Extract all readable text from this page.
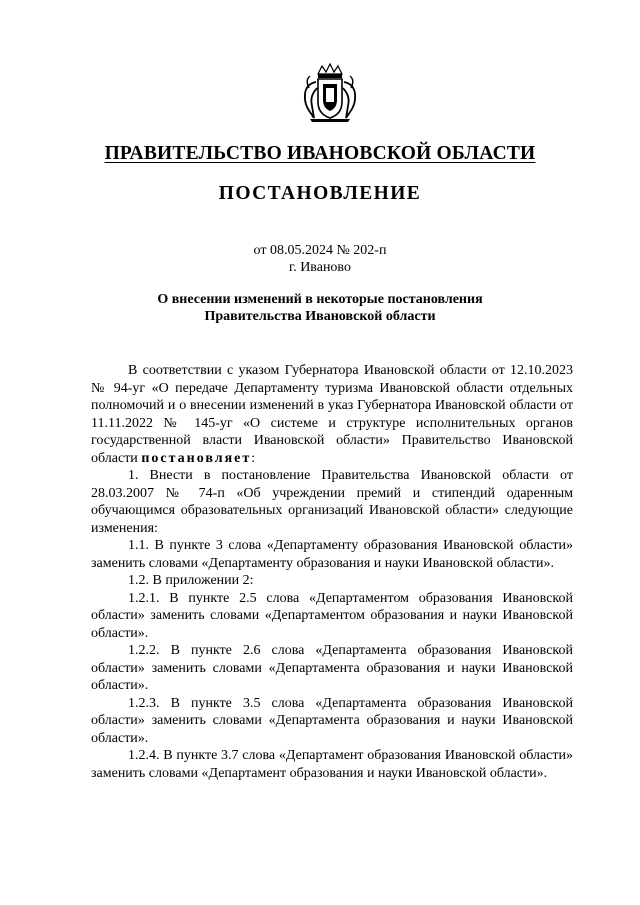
ПРАВИТЕЛЬСТВО ИВАНОВСКОЙ ОБЛАСТИ
ПОСТАНОВЛЕНИЕ
от 08.05.2024 № 202-п
г. Иваново
О внесении изменений в некоторые постановления
Правительства Ивановской области

В соответствии с указом Губернатора Ивановской области от 12.10.2023 № 94-уг «О передаче Департаменту туризма Ивановской области отдельных полномочий и о внесении изменений в указ Губернатора Ивановской области от 11.11.2022 № 145-уг «О системе и структуре исполнительных органов государственной власти Ивановской области» Правительство Ивановской области постановляет:

1. Внести в постановление Правительства Ивановской области от 28.03.2007 № 74-п «Об учреждении премий и стипендий одаренным обучающимся образовательных организаций Ивановской области» следующие изменения:

1.1. В пункте 3 слова «Департаменту образования Ивановской области» заменить словами «Департаменту образования и науки Ивановской области».

1.2. В приложении 2:

1.2.1. В пункте 2.5 слова «Департаментом образования Ивановской области» заменить словами «Департаментом образования и науки Ивановской области».

1.2.2. В пункте 2.6 слова «Департамента образования Ивановской области» заменить словами «Департамента образования и науки Ивановской области».

1.2.3. В пункте 3.5 слова «Департамента образования Ивановской области» заменить словами «Департамента образования и науки Ивановской области».

1.2.4. В пункте 3.7 слова «Департамент образования Ивановской области» заменить словами «Департамент образования и науки Ивановской области».
